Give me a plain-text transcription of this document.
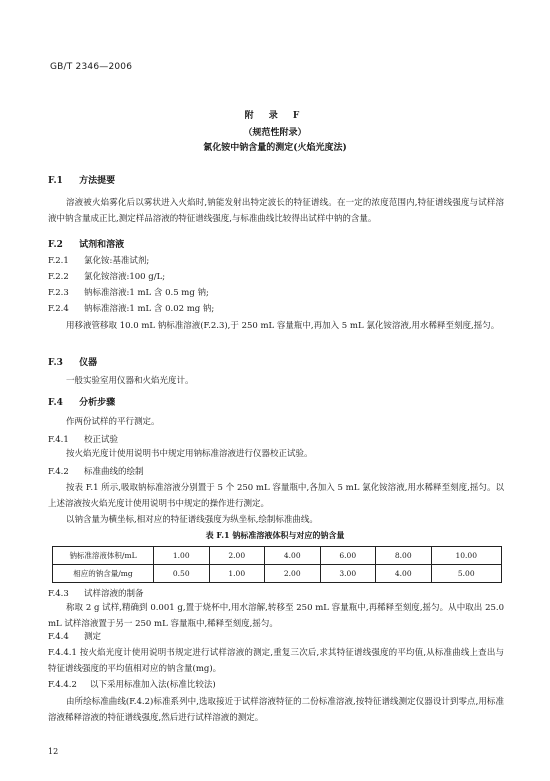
GB/T 2346—2006
附 录 F
（规范性附录）
氯化铵中钠含量的测定(火焰光度法)
F.1 方法提要
溶液被火焰雾化后以雾状进入火焰时,钠能发射出特定波长的特征谱线。在一定的浓度范围内,特征谱线强度与试样溶液中钠含量成正比,测定样品溶液的特征谱线强度,与标准曲线比较得出试样中钠的含量。
F.2 试剂和溶液
F.2.1 氯化铵:基准试剂;
F.2.2 氯化铵溶液:100 g/L;
F.2.3 钠标准溶液:1 mL 含 0.5 mg 钠;
F.2.4 钠标准溶液:1 mL 含 0.02 mg 钠;
用移液管移取 10.0 mL 钠标准溶液(F.2.3),于 250 mL 容量瓶中,再加入 5 mL 氯化铵溶液,用水稀释至刻度,摇匀。
F.3 仪器
一般实验室用仪器和火焰光度计。
F.4 分析步骤
作两份试样的平行测定。
F.4.1 校正试验
按火焰光度计使用说明书中规定用钠标准溶液进行仪器校正试验。
F.4.2 标准曲线的绘制
按表 F.1 所示,吸取钠标准溶液分别置于 5 个 250 mL 容量瓶中,各加入 5 mL 氯化铵溶液,用水稀释至刻度,摇匀。以上述溶液按火焰光度计使用说明书中规定的操作进行测定。
以钠含量为横坐标,相对应的特征谱线强度为纵坐标,绘制标准曲线。
表 F.1 钠标准溶液体积与对应的钠含量
钠标准溶液体积/mL	1.00	2.00	4.00	6.00	8.00	10.00
相应的钠含量/mg	0.50	1.00	2.00	3.00	4.00	5.00
F.4.3 试样溶液的制备
称取 2 g 试样,精确到 0.001 g,置于烧杯中,用水溶解,转移至 250 mL 容量瓶中,再稀释至刻度,摇匀。从中取出 25.0 mL 试样溶液置于另一 250 mL 容量瓶中,稀释至刻度,摇匀。
F.4.4 测定
F.4.4.1 按火焰光度计使用说明书规定进行试样溶液的测定,重复三次后,求其特征谱线强度的平均值,从标准曲线上查出与特征谱线强度的平均值相对应的钠含量(mg)。
F.4.4.2 以下采用标准加入法(标准比较法)
由所绘标准曲线(F.4.2)标准系列中,选取接近于试样溶液特征的二份标准溶液,按特征谱线测定仪器设计到零点,用标准溶液稀释溶液的特征谱线强度,然后进行试样溶液的测定。
12
